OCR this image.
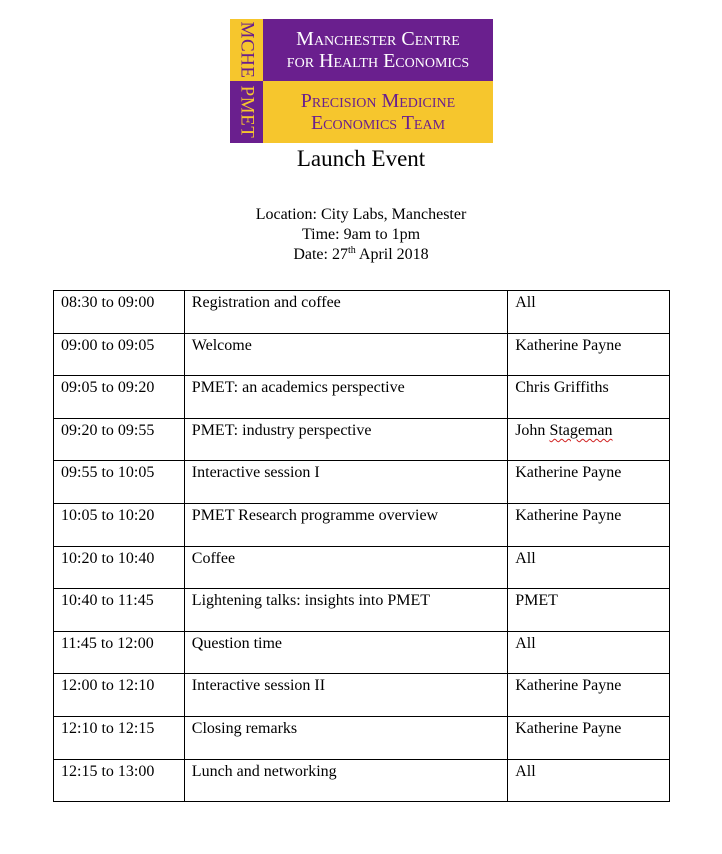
MCHE
PMET
Manchester Centre
for Health Economics
Precision Medicine
Economics Team
Launch Event
Location: City Labs, Manchester
Time: 9am to 1pm
Date: 27th April 2018
08:30 to 09:00	Registration and coffee	All
09:00 to 09:05	Welcome	Katherine Payne
09:05 to 09:20	PMET: an academics perspective	Chris Griffiths
09:20 to 09:55	PMET: industry perspective	John Stageman
09:55 to 10:05	Interactive session I	Katherine Payne
10:05 to 10:20	PMET Research programme overview	Katherine Payne
10:20 to 10:40	Coffee	All
10:40 to 11:45	Lightening talks: insights into PMET	PMET
11:45 to 12:00	Question time	All
12:00 to 12:10	Interactive session II	Katherine Payne
12:10 to 12:15	Closing remarks	Katherine Payne
12:15 to 13:00	Lunch and networking	All
